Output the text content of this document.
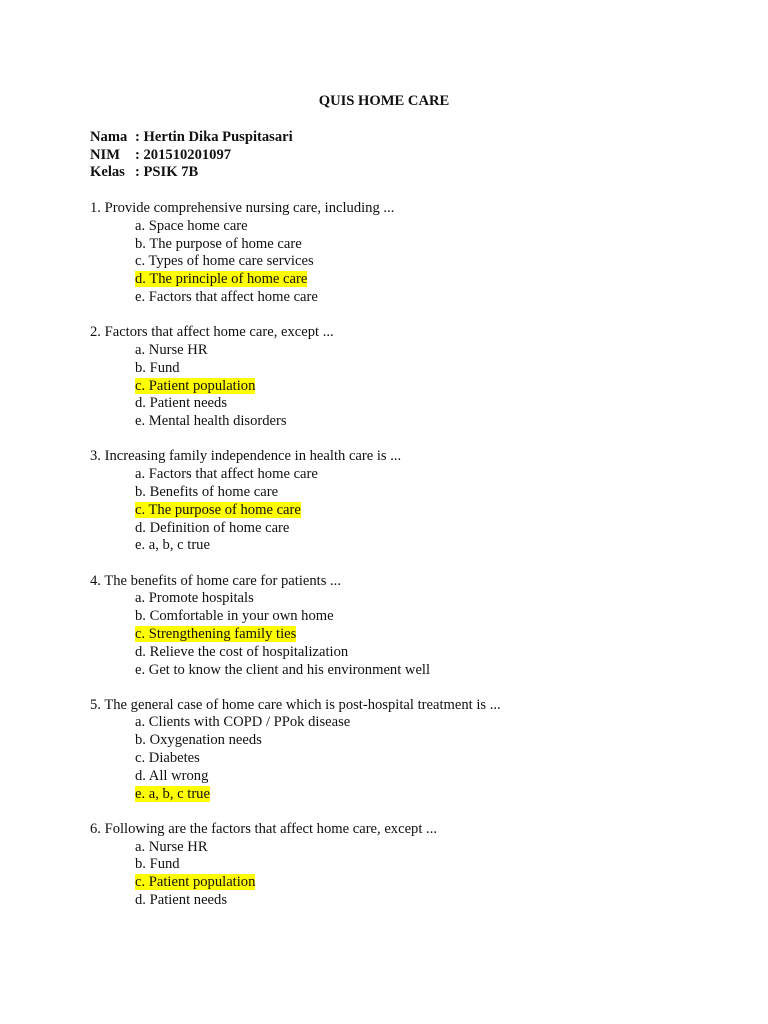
QUIS HOME CARE
Nama : Hertin Dika Puspitasari
NIM : 201510201097
Kelas : PSIK 7B
1. Provide comprehensive nursing care, including ...
a. Space home care
b. The purpose of home care
c. Types of home care services
d. The principle of home care
e. Factors that affect home care
2. Factors that affect home care, except ...
a. Nurse HR
b. Fund
c. Patient population
d. Patient needs
e. Mental health disorders
3. Increasing family independence in health care is ...
a. Factors that affect home care
b. Benefits of home care
c. The purpose of home care
d. Definition of home care
e. a, b, c true
4. The benefits of home care for patients ...
a. Promote hospitals
b. Comfortable in your own home
c. Strengthening family ties
d. Relieve the cost of hospitalization
e. Get to know the client and his environment well
5. The general case of home care which is post-hospital treatment is ...
a. Clients with COPD / PPok disease
b. Oxygenation needs
c. Diabetes
d. All wrong
e. a, b, c true
6. Following are the factors that affect home care, except ...
a. Nurse HR
b. Fund
c. Patient population
d. Patient needs
